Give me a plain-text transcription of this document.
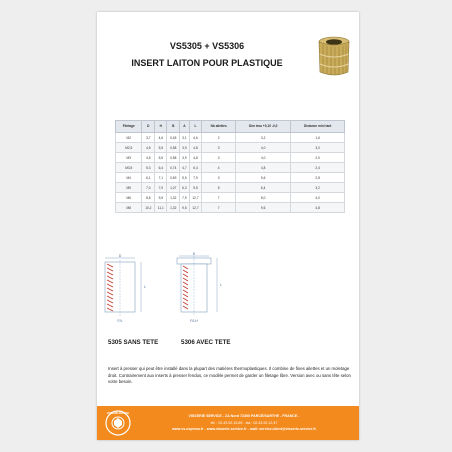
VS5305 + VS5306
INSERT LAITON POUR PLASTIQUE
Filetage	D	H	B	A	L	Nb ailettes	Dim trou +0,10 -0,0	Distance mini tant
M2	3,7	4,6	0,45	3,1	4,6	2	3,2	1,6
M2,5	4,5	5,5	0,58	3,9	4,8	3	4,0	3,0
M3	4,5	5,5	0,58	3,9	4,8	3	4,0	2,0
M3,5	5,3	6,4	0,74	4,7	6,4	4	4,8	2,4
M4	6,1	7,1	0,69	5,5	7,9	3	5,6	2,8
M5	7,0	7,9	1,07	6,3	9,5	5	6,4	3,2
M6	8,6	9,5	1,32	7,9	12,7	7	8,0	4,0
M8	10,2	11,1	1,32	9,5	12,7	7	9,6	4,8
D
L
F/L
D
L
F/LH
5305 SANS TETE	5306 AVEC TETE

Insert à presser qui peut être installé dans la plupart des matières thermoplastiques. Il combine de fines ailettes et un moletage droit. Contrairement aux inserts à presser fendus, ce modèle permet de garder un filetage libre. Version avec ou sans tête selon votre besoin.

VISSERIE SERVICE
VISSERIE SERVICE - ZA Nord 72300 PARCÉ/SARTHE - FRANCE -
tél. : 02.43.92.15.69 - fax : 02.43.92.12.47
www.vs-express.fr - www.visserie-service.fr - mail: service.client@visserie-service.fr
